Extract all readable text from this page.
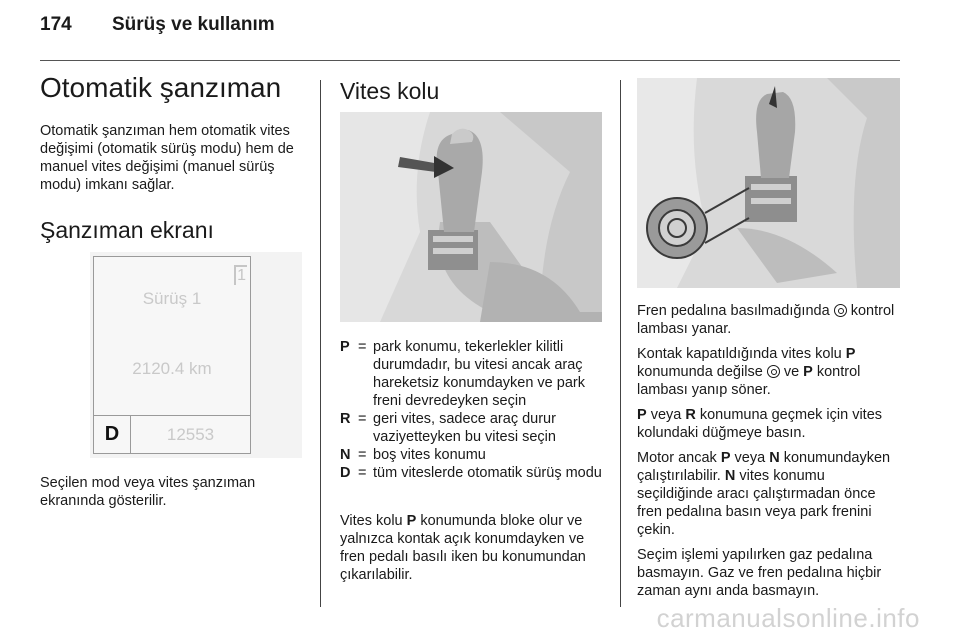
174 Sürüş ve kullanım
Otomatik şanzıman

Otomatik şanzıman hem otomatik vites değişimi (otomatik sürüş modu) hem de manuel vites değişimi (manuel sürüş modu) imkanı sağlar.

Şanzıman ekranı
1
Sürüş 1
2120.4 km
D	12553

Seçilen mod veya vites şanzıman ekranında gösterilir.

Vites kolu
P = park konumu, tekerlekler kilitli durumdadır, bu vitesi ancak araç hareketsiz konumdayken ve park freni devredeyken seçin
R = geri vites, sadece araç durur vaziyetteyken bu vitesi seçin
N = boş vites konumu
D = tüm viteslerde otomatik sürüş modu

Vites kolu P konumunda bloke olur ve yalnızca kontak açık konumdayken ve fren pedalı basılı iken bu konumundan çıkarılabilir.

Fren pedalına basılmadığında  kontrol lambası yanar.

Kontak kapatıldığında vites kolu P konumunda değilse  ve P kontrol lambası yanıp söner.

P veya R konumuna geçmek için vites kolundaki düğmeye basın.

Motor ancak P veya N konumundayken çalıştırılabilir. N vites konumu seçildiğinde aracı çalıştırmadan önce fren pedalına basın veya park frenini çekin.

Seçim işlemi yapılırken gaz pedalına basmayın. Gaz ve fren pedalına hiçbir zaman aynı anda basmayın.

carmanualsonline.info
